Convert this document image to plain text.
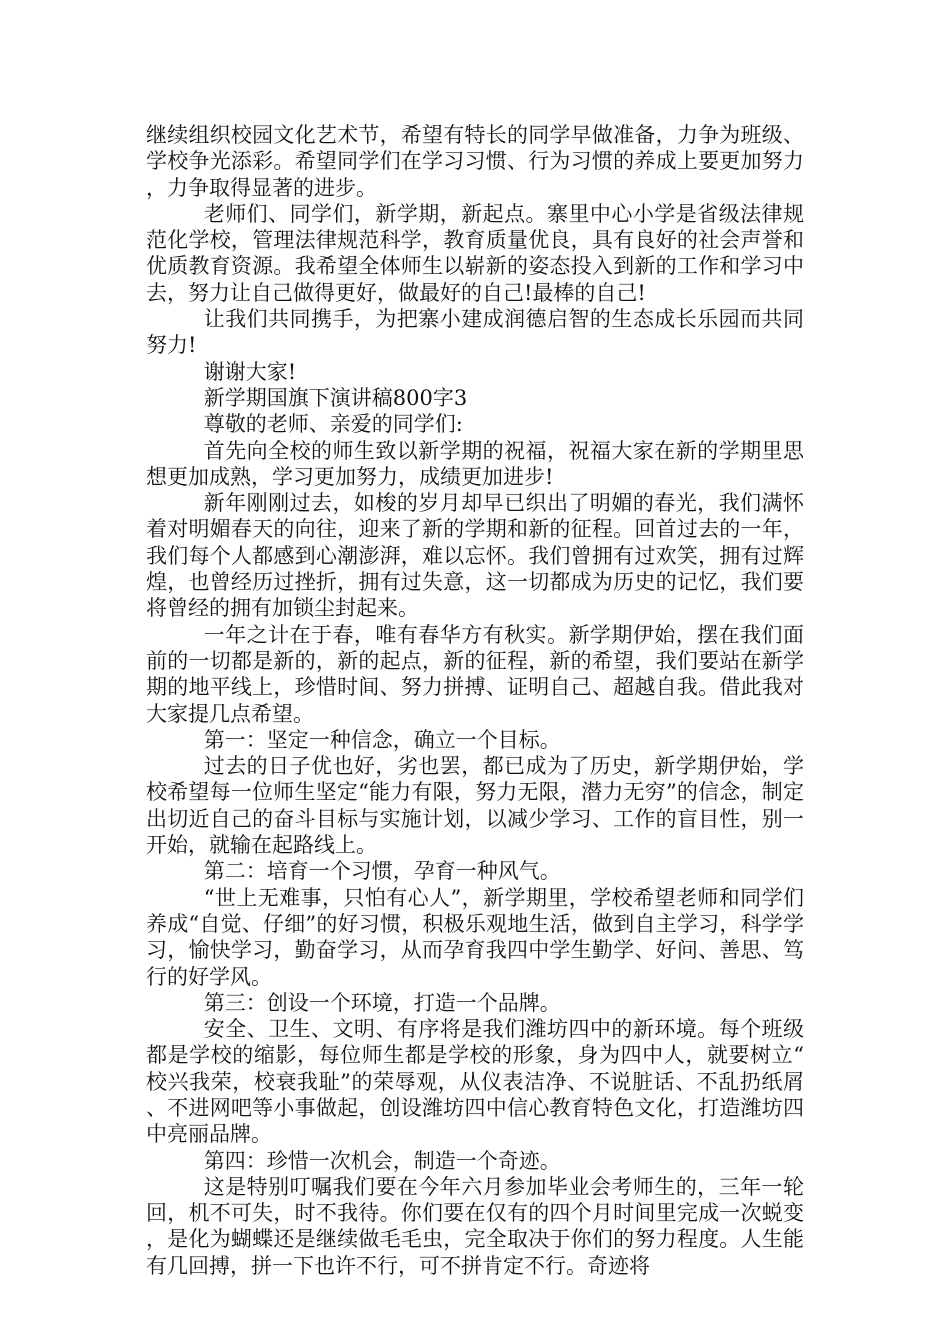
继续组织校园文化艺术节，希望有特长的同学早做准备，力争为班级、学校争光添彩。希望同学们在学习习惯、行为习惯的养成上要更加努力，力争取得显著的进步。

老师们、同学们，新学期，新起点。寨里中心小学是省级法律规范化学校，管理法律规范科学，教育质量优良，具有良好的社会声誉和优质教育资源。我希望全体师生以崭新的姿态投入到新的工作和学习中去，努力让自己做得更好，做最好的自己!最棒的自己!

让我们共同携手，为把寨小建成润德启智的生态成长乐园而共同努力!

谢谢大家!

新学期国旗下演讲稿800字3

尊敬的老师、亲爱的同学们:

首先向全校的师生致以新学期的祝福，祝福大家在新的学期里思想更加成熟，学习更加努力，成绩更加进步!

新年刚刚过去，如梭的岁月却早已织出了明媚的春光，我们满怀着对明媚春天的向往，迎来了新的学期和新的征程。回首过去的一年，我们每个人都感到心潮澎湃，难以忘怀。我们曾拥有过欢笑，拥有过辉煌，也曾经历过挫折，拥有过失意，这一切都成为历史的记忆，我们要将曾经的拥有加锁尘封起来。

一年之计在于春，唯有春华方有秋实。新学期伊始，摆在我们面前的一切都是新的，新的起点，新的征程，新的希望，我们要站在新学期的地平线上，珍惜时间、努力拼搏、证明自己、超越自我。借此我对大家提几点希望。

第一：坚定一种信念，确立一个目标。

过去的日子优也好，劣也罢，都已成为了历史，新学期伊始，学校希望每一位师生坚定“能力有限，努力无限，潜力无穷”的信念，制定出切近自己的奋斗目标与实施计划，以减少学习、工作的盲目性，别一开始，就输在起路线上。

第二：培育一个习惯，孕育一种风气。

“世上无难事，只怕有心人”，新学期里，学校希望老师和同学们养成“自觉、仔细”的好习惯，积极乐观地生活，做到自主学习，科学学习，愉快学习，勤奋学习，从而孕育我四中学生勤学、好问、善思、笃行的好学风。

第三：创设一个环境，打造一个品牌。

安全、卫生、文明、有序将是我们潍坊四中的新环境。每个班级都是学校的缩影，每位师生都是学校的形象，身为四中人，就要树立“校兴我荣，校衰我耻”的荣辱观，从仪表洁净、不说脏话、不乱扔纸屑、不进网吧等小事做起，创设潍坊四中信心教育特色文化，打造潍坊四中亮丽品牌。

第四：珍惜一次机会，制造一个奇迹。

这是特别叮嘱我们要在今年六月参加毕业会考师生的，三年一轮回，机不可失，时不我待。你们要在仅有的四个月时间里完成一次蜕变，是化为蝴蝶还是继续做毛毛虫，完全取决于你们的努力程度。人生能有几回搏，拼一下也许不行，可不拼肯定不行。奇迹将
